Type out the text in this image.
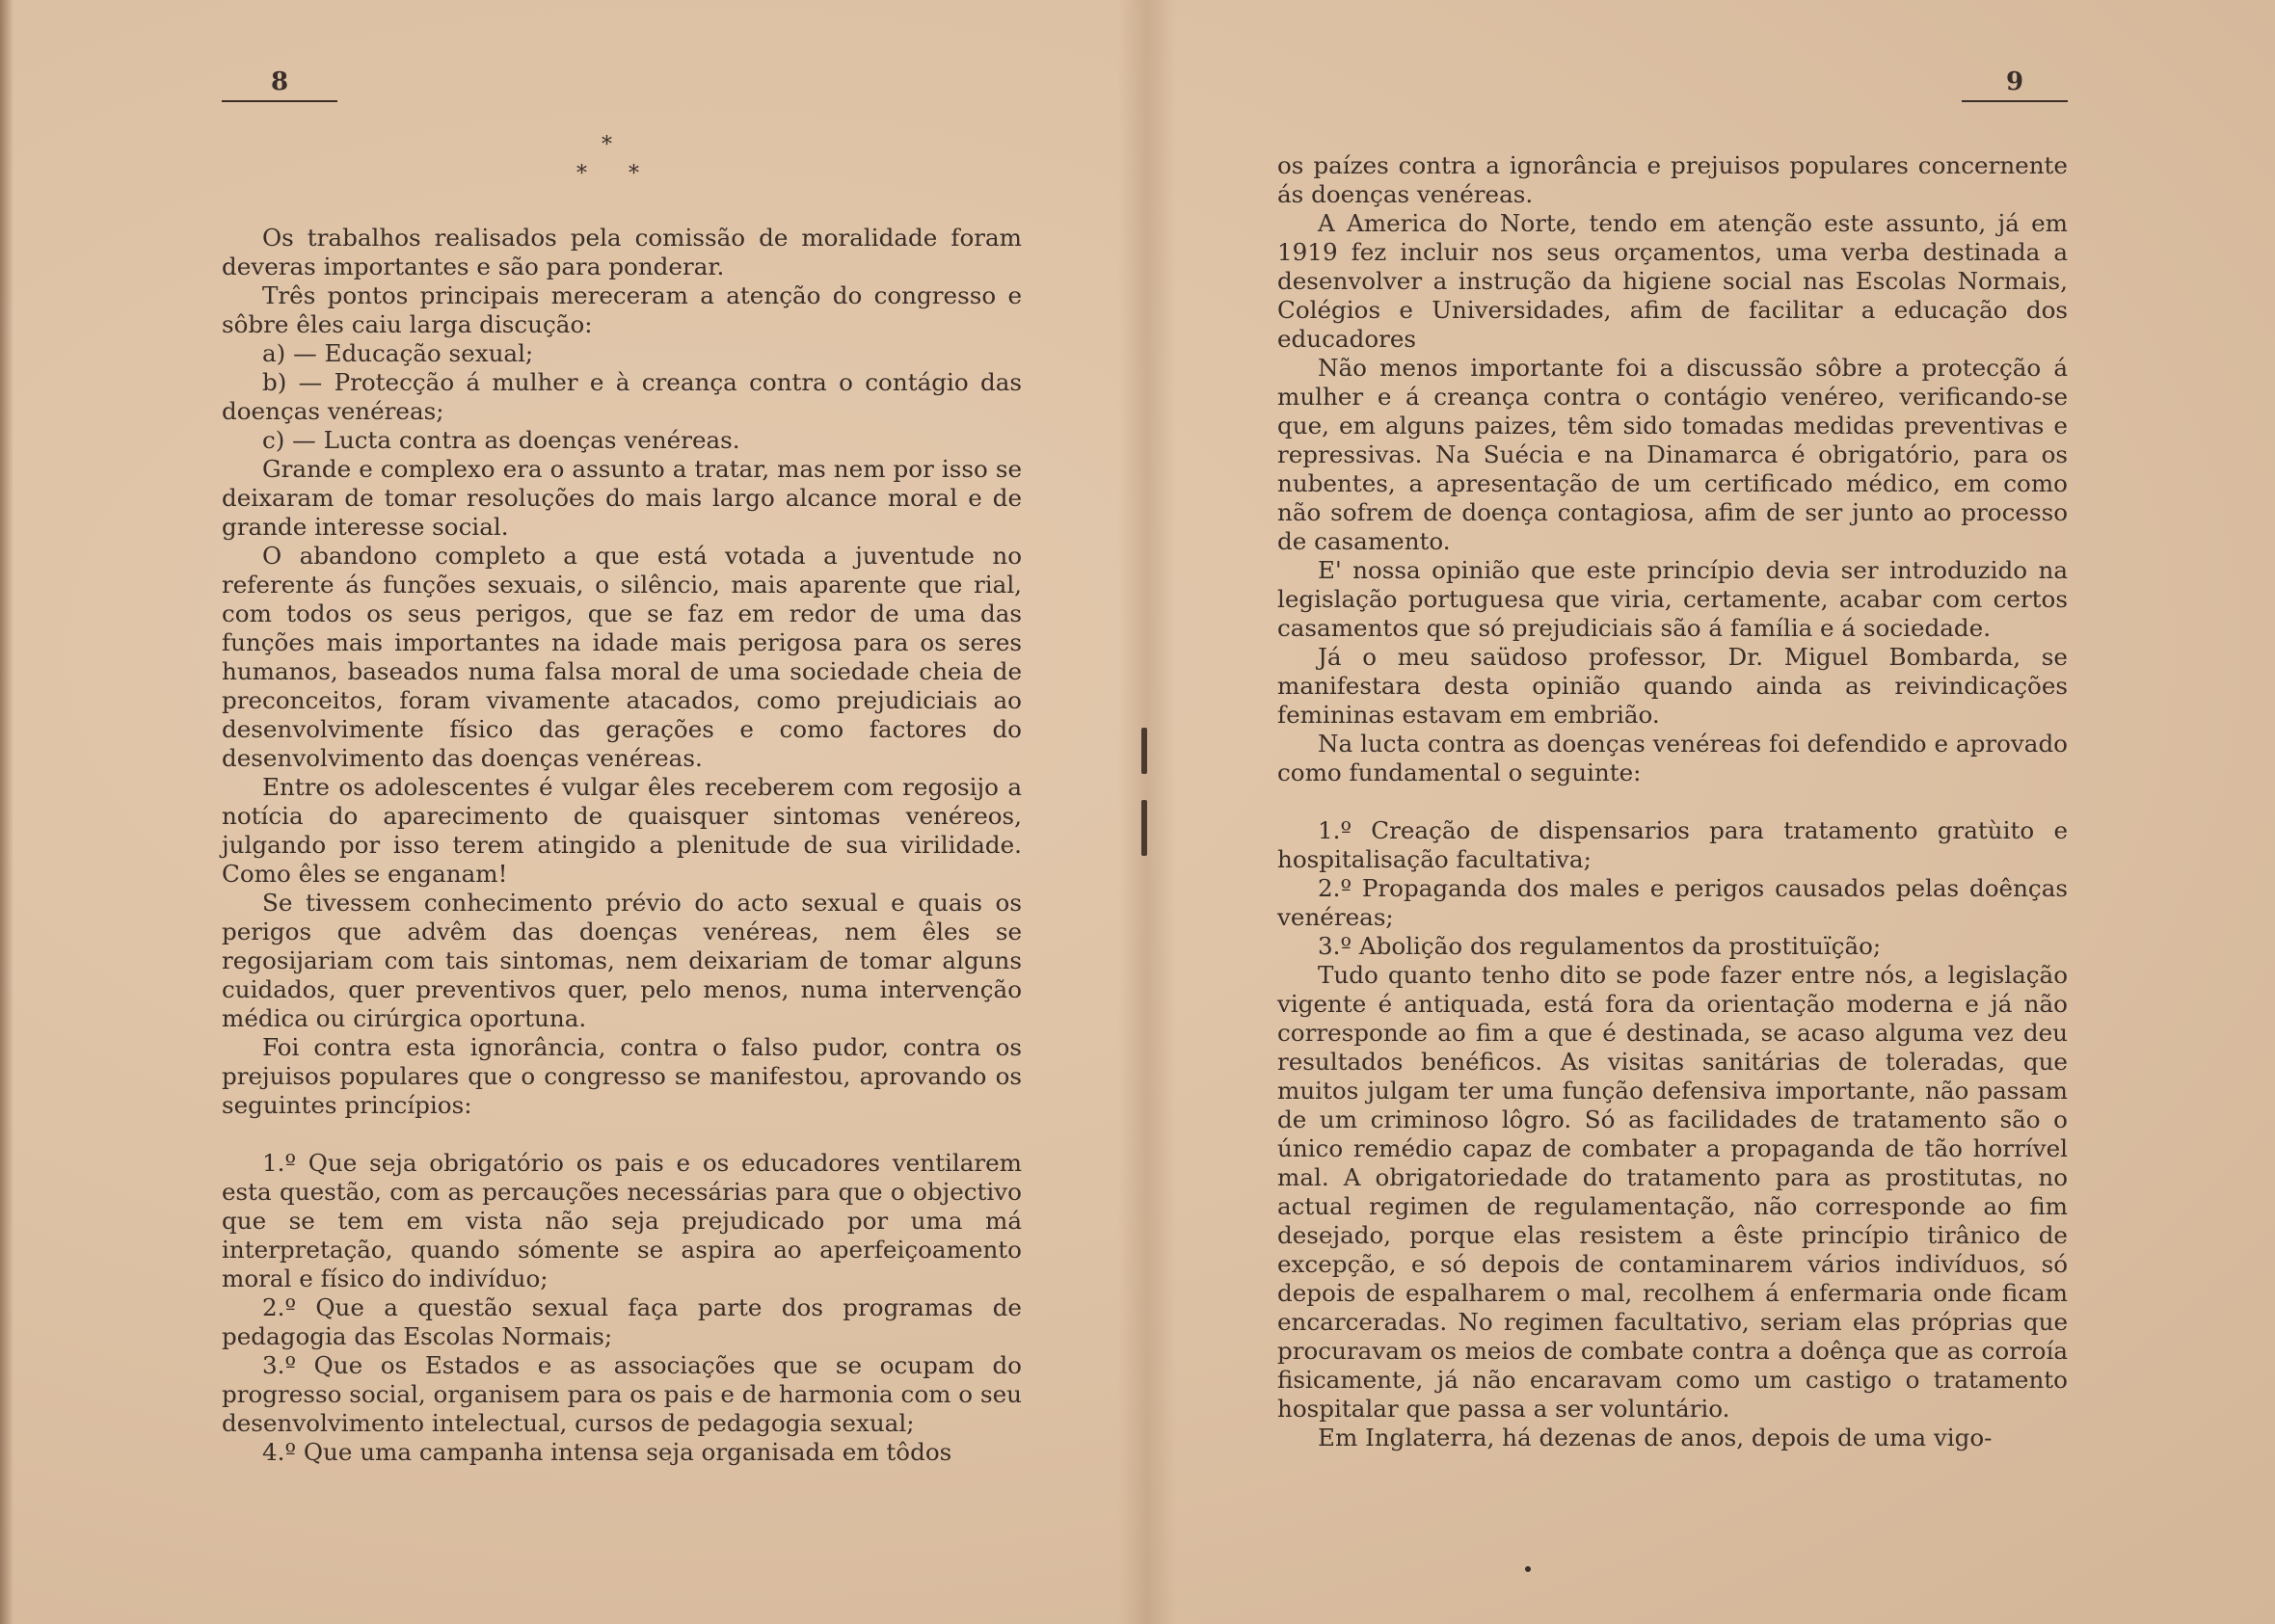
8
*
* *

Os trabalhos realisados pela comissão de moralidade foram deveras importantes e são para ponderar.

Três pontos principais mereceram a atenção do congresso e sôbre êles caiu larga discução:

a) — Educação sexual;

b) — Protecção á mulher e à creança contra o contágio das doenças venéreas;

c) — Lucta contra as doenças venéreas.

Grande e complexo era o assunto a tratar, mas nem por isso se deixaram de tomar resoluções do mais largo alcance moral e de grande interesse social.

O abandono completo a que está votada a juventude no referente ás funções sexuais, o silêncio, mais aparente que rial, com todos os seus perigos, que se faz em redor de uma das funções mais importantes na idade mais perigosa para os seres humanos, baseados numa falsa moral de uma sociedade cheia de preconceitos, foram vivamente atacados, como prejudiciais ao desenvolvimente físico das gerações e como factores do desenvolvimento das doenças venéreas.

Entre os adolescentes é vulgar êles receberem com regosijo a notícia do aparecimento de quaisquer sintomas venéreos, julgando por isso terem atingido a plenitude de sua virilidade. Como êles se enganam!

Se tivessem conhecimento prévio do acto sexual e quais os perigos que advêm das doenças venéreas, nem êles se regosijariam com tais sintomas, nem deixariam de tomar alguns cuidados, quer preventivos quer, pelo menos, numa intervenção médica ou cirúrgica oportuna.

Foi contra esta ignorância, contra o falso pudor, contra os prejuisos populares que o congresso se manifestou, aprovando os seguintes princípios:

1.º Que seja obrigatório os pais e os educadores ventilarem esta questão, com as percauções necessárias para que o objectivo que se tem em vista não seja prejudicado por uma má interpretação, quando sómente se aspira ao aperfeiçoamento moral e físico do indivíduo;

2.º Que a questão sexual faça parte dos programas de pedagogia das Escolas Normais;

3.º Que os Estados e as associações que se ocupam do progresso social, organisem para os pais e de harmonia com o seu desenvolvimento intelectual, cursos de pedagogia sexual;

4.º Que uma campanha intensa seja organisada em tôdos

9

os paízes contra a ignorância e prejuisos populares concernente ás doenças venéreas.

A America do Norte, tendo em atenção este assunto, já em 1919 fez incluir nos seus orçamentos, uma verba destinada a desenvolver a instrução da higiene social nas Escolas Normais, Colégios e Universidades, afim de facilitar a educação dos educadores

Não menos importante foi a discussão sôbre a protecção á mulher e á creança contra o contágio venéreo, verificando-se que, em alguns paizes, têm sido tomadas medidas preventivas e repressivas. Na Suécia e na Dinamarca é obrigatório, para os nubentes, a apresentação de um certificado médico, em como não sofrem de doença contagiosa, afim de ser junto ao processo de casamento.

E' nossa opinião que este princípio devia ser introduzido na legislação portuguesa que viria, certamente, acabar com certos casamentos que só prejudiciais são á família e á sociedade.

Já o meu saüdoso professor, Dr. Miguel Bombarda, se manifestara desta opinião quando ainda as reivindicações femininas estavam em embrião.

Na lucta contra as doenças venéreas foi defendido e aprovado como fundamental o seguinte:

1.º Creação de dispensarios para tratamento gratùito e hospitalisação facultativa;

2.º Propaganda dos males e perigos causados pelas doênças venéreas;

3.º Abolição dos regulamentos da prostituïção;

Tudo quanto tenho dito se pode fazer entre nós, a legislação vigente é antiquada, está fora da orientação moderna e já não corresponde ao fim a que é destinada, se acaso alguma vez deu resultados benéficos. As visitas sanitárias de toleradas, que muitos julgam ter uma função defensiva importante, não passam de um criminoso lôgro. Só as facilidades de tratamento são o único remédio capaz de combater a propaganda de tão horrível mal. A obrigatoriedade do tratamento para as prostitutas, no actual regimen de regulamentação, não corresponde ao fim desejado, porque elas resistem a êste princípio tirânico de excepção, e só depois de contaminarem vários indivíduos, só depois de espalharem o mal, recolhem á enfermaria onde ficam encarceradas. No regimen facultativo, seriam elas próprias que procuravam os meios de combate contra a doênça que as corroía fisicamente, já não encaravam como um castigo o tratamento hospitalar que passa a ser voluntário.

Em Inglaterra, há dezenas de anos, depois de uma vigo-
